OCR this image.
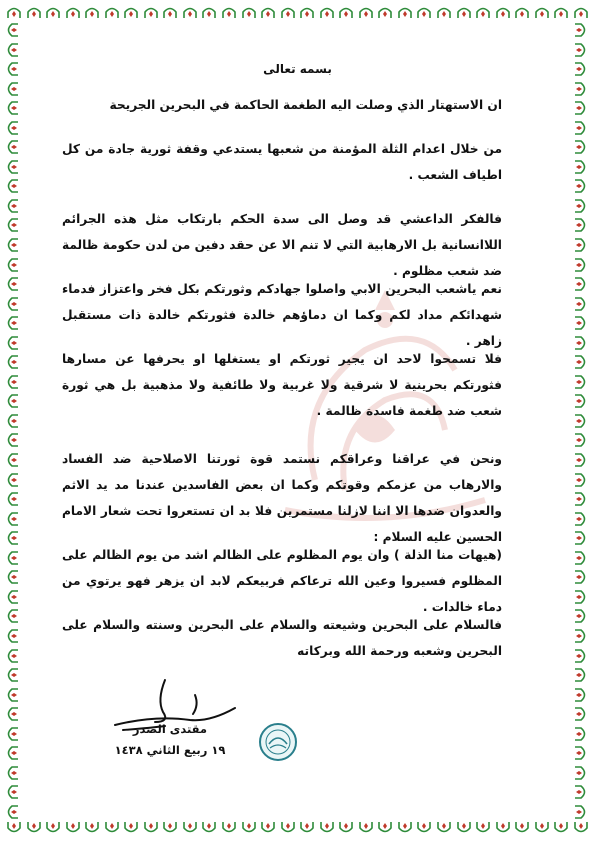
بسمه تعالى
ان الاستهتار الذي وصلت اليه الطغمة الحاكمة في البحرين الجريحة
من خلال اعدام الثلة المؤمنة من شعبها يستدعي وقفة ثورية جادة من كل اطياف الشعب .
فالفكر الداعشي قد وصل الى سدة الحكم بارتكاب مثل هذه الجرائم اللاانسانية بل الارهابية التي لا تنم الا عن حقد دفين من لدن حكومة ظالمة ضد شعب مظلوم .
نعم ياشعب البحرين الابي واصلوا جهادكم وثورتكم بكل فخر واعتزاز فدماء شهدائكم مداد لكم وكما ان دماؤهم خالدة فثورتكم خالدة ذات مستقبل زاهر .
فلا تسمحوا لاحد ان يجير ثورتكم او يستغلها او يحرفها عن مسارها فثورتكم بحرينية لا شرقية ولا غربية ولا طائفية ولا مذهبية بل هي ثورة شعب ضد طغمة فاسدة ظالمة .
ونحن في عراقنا وعراقكم نستمد قوة ثورتنا الاصلاحية ضد الفساد والارهاب من عزمكم وقوتكم وكما ان بعض الفاسدين عندنا مد يد الاثم والعدوان ضدها الا اننا لازلنا مستمرين فلا بد ان تستعروا تحت شعار الامام الحسين عليه السلام :
(هيهات منا الذلة ) وان يوم المظلوم على الظالم اشد من يوم الظالم على المظلوم فسيروا وعين الله ترعاكم فربيعكم لابد ان يزهر فهو يرتوي من دماء خالدات .
فالسلام على البحرين وشيعته والسلام على البحرين وسنته والسلام على البحرين وشعبه ورحمة الله وبركاته
مقتدى الصدر
١٩ ربيع الثاني ١٤٣٨
